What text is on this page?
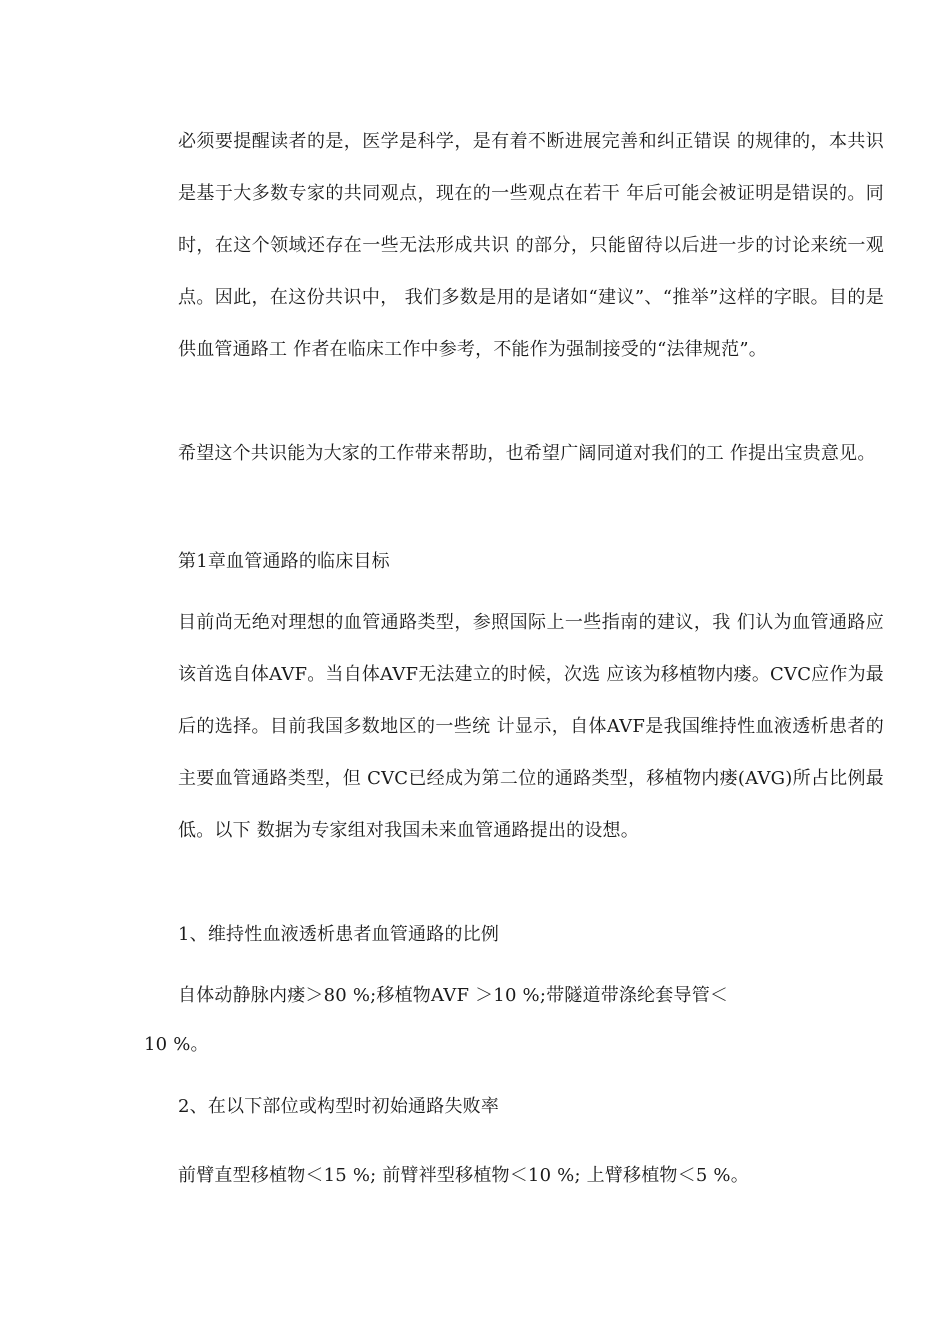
必须要提醒读者的是，医学是科学，是有着不断进展完善和纠正错误 的规律的，本共识是基于大多数专家的共同观点，现在的一些观点在若干 年后可能会被证明是错误的。同时，在这个领域还存在一些无法形成共识 的部分，只能留待以后进一步的讨论来统一观点。因此，在这份共识中， 我们多数是用的是诸如“建议”、“推举”这样的字眼。目的是供血管通路工 作者在临床工作中参考，不能作为强制接受的“法律规范”。
希望这个共识能为大家的工作带来帮助，也希望广阔同道对我们的工 作提出宝贵意见。
第1章血管通路的临床目标
目前尚无绝对理想的血管通路类型，参照国际上一些指南的建议，我 们认为血管通路应该首选自体AVF。当自体AVF无法建立的时候，次选 应该为移植物内瘘。CVC应作为最后的选择。目前我国多数地区的一些统 计显示，自体AVF是我国维持性血液透析患者的主要血管通路类型，但 CVC已经成为第二位的通路类型，移植物内瘘(AVG)所占比例最低。以下 数据为专家组对我国未来血管通路提出的设想。
1、维持性血液透析患者血管通路的比例
自体动静脉内瘘＞80 %;移植物AVF ＞10 %;带隧道带涤纶套导管＜
10 %。
2、在以下部位或构型时初始通路失败率
前臂直型移植物＜15 %; 前臂袢型移植物＜10 %; 上臂移植物＜5 %。
